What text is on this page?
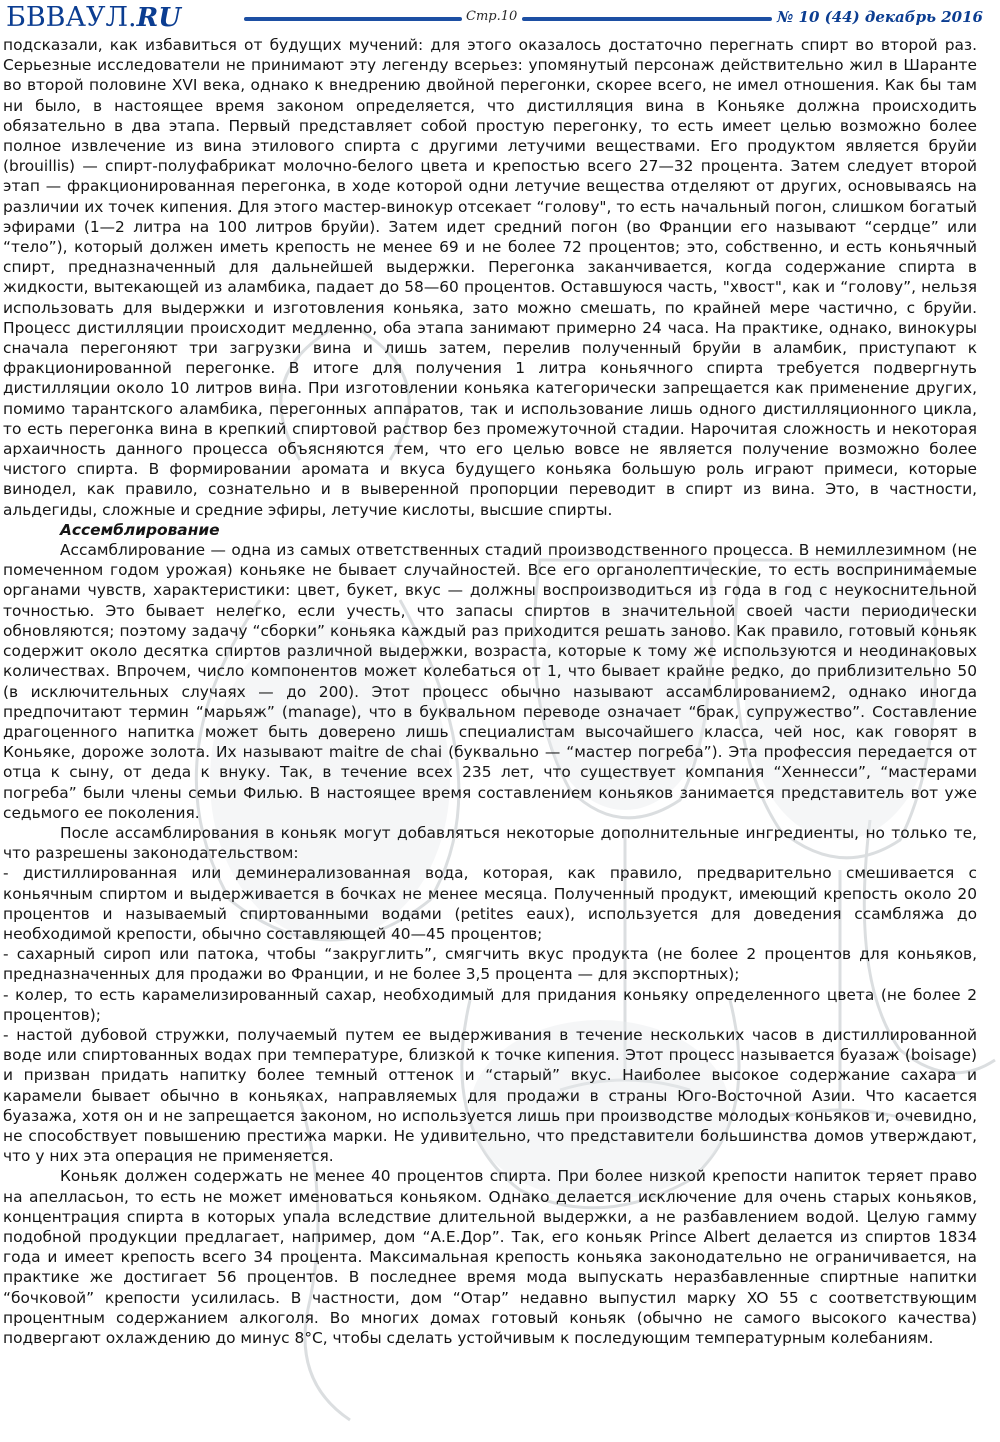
БВВАУЛ.RU	Стр.10	№ 10 (44) декабрь 2016

подсказали, как избавиться от будущих мучений: для этого оказалось достаточно перегнать спирт во второй раз. Серьезные исследователи не принимают эту легенду всерьез: упомянутый персонаж действительно жил в Шаранте во второй половине XVI века, однако к внедрению двойной перегонки, скорее всего, не имел отношения. Как бы там ни было, в настоящее время законом определяется, что дистилляция вина в Коньяке должна происходить обязательно в два этапа. Первый представляет собой простую перегонку, то есть имеет целью возможно более полное извлечение из вина этилового спирта с другими летучими веществами. Его продуктом является бруйи (brouillis) — спирт-полуфабрикат молочно-белого цвета и крепостью всего 27—32 процента. Затем следует второй этап — фракционированная перегонка, в ходе которой одни летучие вещества отделяют от других, основываясь на различии их точек кипения. Для этого мастер-винокур отсекает “голову", то есть начальный погон, слишком богатый эфирами (1—2 литра на 100 литров бруйи). Затем идет средний погон (во Франции его называют “сердце” или “тело”), который должен иметь крепость не менее 69 и не более 72 процентов; это, собственно, и есть коньячный спирт, предназначенный для дальнейшей выдержки. Перегонка заканчивается, когда содержание спирта в жидкости, вытекающей из аламбика, падает до 58—60 процентов. Оставшуюся часть, "хвост", как и “голову”, нельзя использовать для выдержки и изготовления коньяка, зато можно смешать, по крайней мере частично, с бруйи. Процесс дистилляции происходит медленно, оба этапа занимают примерно 24 часа. На практике, однако, винокуры сначала перегоняют три загрузки вина и лишь затем, перелив полученный бруйи в аламбик, приступают к фракционированной перегонке. В итоге для получения 1 литра коньячного спирта требуется подвергнуть дистилляции около 10 литров вина. При изготовлении коньяка категорически запрещается как применение других, помимо тарантского аламбика, перегонных аппаратов, так и использование лишь одного дистилляционного цикла, то есть перегонка вина в крепкий спиртовой раствор без промежуточной стадии. Нарочитая сложность и некоторая архаичность данного процесса объясняются тем, что его целью вовсе не является получение возможно более чистого спирта. В формировании аромата и вкуса будущего коньяка большую роль играют примеси, которые винодел, как правило, сознательно и в выверенной пропорции переводит в спирт из вина. Это, в частности, альдегиды, сложные и средние эфиры, летучие кислоты, высшие спирты.

Ассемблирование

Ассамблирование — одна из самых ответственных стадий производственного процесса. В немиллезимном (не помеченном годом урожая) коньяке не бывает случайностей. Все его органолептические, то есть воспринимаемые органами чувств, характеристики: цвет, букет, вкус — должны воспроизводиться из года в год с неукоснительной точностью. Это бывает нелегко, если учесть, что запасы спиртов в значительной своей части периодически обновляются; поэтому задачу “сборки” коньяка каждый раз приходится решать заново. Как правило, готовый коньяк содержит около десятка спиртов различной выдержки, возраста, которые к тому же используются и неодинаковых количествах. Впрочем, число компонентов может колебаться от 1, что бывает крайне редко, до приблизительно 50 (в исключительных случаях — до 200). Этот процесс обычно называют ассамблированием2, однако иногда предпочитают термин “марьяж” (manage), что в буквальном переводе означает “брак, супружество”. Составление драгоценного напитка может быть доверено лишь специалистам высочайшего класса, чей нос, как говорят в Коньяке, дороже золота. Их называют maitre de chai (буквально — “мастер погреба”). Эта профессия передается от отца к сыну, от деда к внуку. Так, в течение всех 235 лет, что существует компания “Хеннесси”, “мастерами погреба” были члены семьи Филью. В настоящее время составлением коньяков занимается представитель вот уже седьмого ее поколения.

После ассамблирования в коньяк могут добавляться некоторые дополнительные ингредиенты, но только те, что разрешены законодательством:

- дистиллированная или деминерализованная вода, которая, как правило, предварительно смешивается с коньячным спиртом и выдерживается в бочках не менее месяца. Полученный продукт, имеющий крепость около 20 процентов и называемый спиртованными водами (petites eaux), используется для доведения ссамбляжа до необходимой крепости, обычно составляющей 40—45 процентов;

- сахарный сироп или патока, чтобы “закруглить”, смягчить вкус продукта (не более 2 процентов для коньяков, предназначенных для продажи во Франции, и не более 3,5 процента — для экспортных);

- колер, то есть карамелизированный сахар, необходимый для придания коньяку определенного цвета (не более 2 процентов);

- настой дубовой стружки, получаемый путем ее выдерживания в течение нескольких часов в дистиллированной воде или спиртованных водах при температуре, близкой к точке кипения. Этот процесс называется буазаж (boisage) и призван придать напитку более темный оттенок и “старый” вкус. Наиболее высокое содержание сахара и карамели бывает обычно в коньяках, направляемых для продажи в страны Юго-Восточной Азии. Что касается буазажа, хотя он и не запрещается законом, но используется лишь при производстве молодых коньяков и, очевидно, не способствует повышению престижа марки. Не удивительно, что представители большинства домов утверждают, что у них эта операция не применяется.

Коньяк должен содержать не менее 40 процентов спирта. При более низкой крепости напиток теряет право на апелласьон, то есть не может именоваться коньяком. Однако делается исключение для очень старых коньяков, концентрация спирта в которых упала вследствие длительной выдержки, а не разбавлением водой. Целую гамму подобной продукции предлагает, например, дом “А.Е.Дор”. Так, его коньяк Prince Albert делается из спиртов 1834 года и имеет крепость всего 34 процента. Максимальная крепость коньяка законодательно не ограничивается, на практике же достигает 56 процентов. В последнее время мода выпускать неразбавленные спиртные напитки “бочковой” крепости усилилась. В частности, дом “Отар” недавно выпустил марку XO 55 с соответствующим процентным содержанием алкоголя. Во многих домах готовый коньяк (обычно не самого высокого качества) подвергают охлаждению до минус 8°С, чтобы сделать устойчивым к последующим температурным колебаниям.
